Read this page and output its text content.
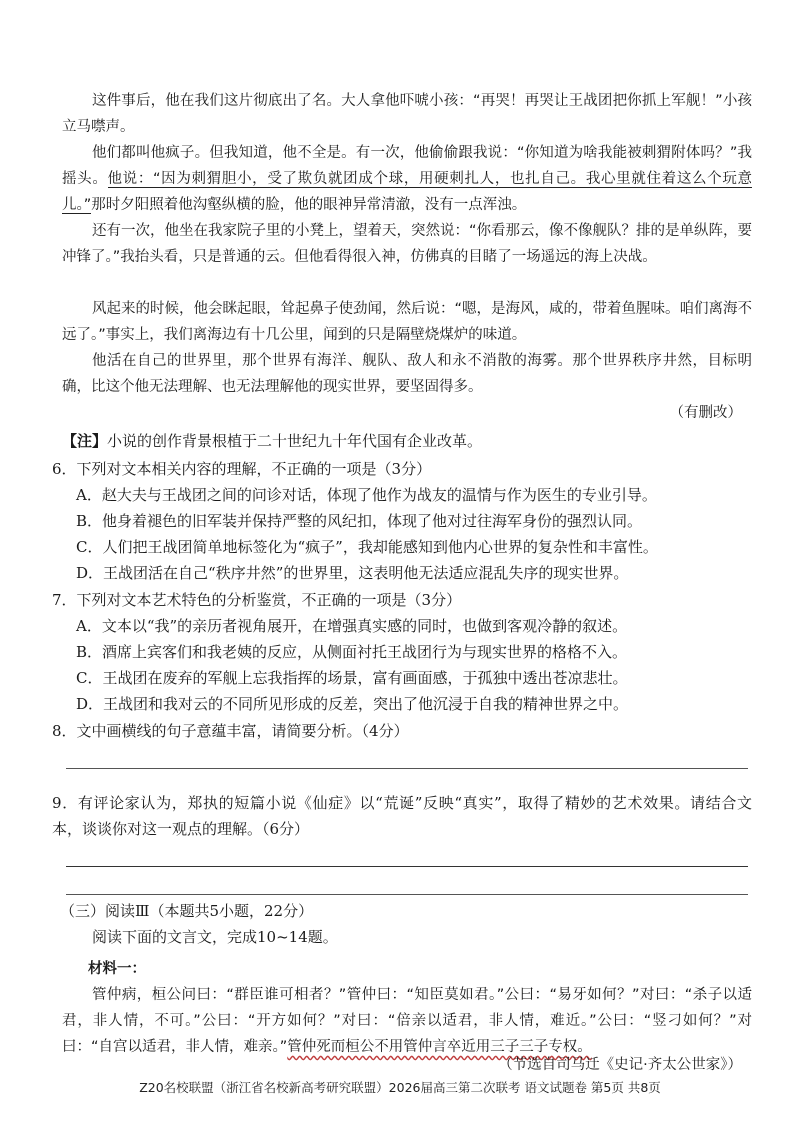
这件事后，他在我们这片彻底出了名。大人拿他吓唬小孩：“再哭！再哭让王战团把你抓上军舰！”小孩立马噤声。
他们都叫他疯子。但我知道，他不全是。有一次，他偷偷跟我说：“你知道为啥我能被刺猬附体吗？”我摇头。他说：“因为刺猬胆小，受了欺负就团成个球，用硬刺扎人，也扎自己。我心里就住着这么个玩意儿。”那时夕阳照着他沟壑纵横的脸，他的眼神异常清澈，没有一点浑浊。
还有一次，他坐在我家院子里的小凳上，望着天，突然说：“你看那云，像不像舰队？排的是单纵阵，要冲锋了。”我抬头看，只是普通的云。但他看得很入神，仿佛真的目睹了一场遥远的海上决战。
风起来的时候，他会眯起眼，耸起鼻子使劲闻，然后说：“嗯，是海风，咸的，带着鱼腥味。咱们离海不远了。”事实上，我们离海边有十几公里，闻到的只是隔壁烧煤炉的味道。
他活在自己的世界里，那个世界有海洋、舰队、敌人和永不消散的海雾。那个世界秩序井然，目标明确，比这个他无法理解、也无法理解他的现实世界，要坚固得多。
（有删改）
【注】小说的创作背景根植于二十世纪九十年代国有企业改革。
6．下列对文本相关内容的理解，不正确的一项是（3分）
A．赵大夫与王战团之间的问诊对话，体现了他作为战友的温情与作为医生的专业引导。
B．他身着褪色的旧军装并保持严整的风纪扣，体现了他对过往海军身份的强烈认同。
C．人们把王战团简单地标签化为“疯子”，我却能感知到他内心世界的复杂性和丰富性。
D．王战团活在自己“秩序井然”的世界里，这表明他无法适应混乱失序的现实世界。
7．下列对文本艺术特色的分析鉴赏，不正确的一项是（3分）
A．文本以“我”的亲历者视角展开，在增强真实感的同时，也做到客观冷静的叙述。
B．酒席上宾客们和我老姨的反应，从侧面衬托王战团行为与现实世界的格格不入。
C．王战团在废弃的军舰上忘我指挥的场景，富有画面感，于孤独中透出苍凉悲壮。
D．王战团和我对云的不同所见形成的反差，突出了他沉浸于自我的精神世界之中。
8．文中画横线的句子意蕴丰富，请简要分析。（4分）
9．有评论家认为，郑执的短篇小说《仙症》以“荒诞”反映“真实”，取得了精妙的艺术效果。请结合文本，谈谈你对这一观点的理解。（6分）
（三）阅读Ⅲ（本题共5小题，22分）
阅读下面的文言文，完成10~14题。
材料一：
管仲病，桓公问曰：“群臣谁可相者？”管仲曰：“知臣莫如君。”公曰：“易牙如何？”对曰：“杀子以适君，非人情，不可。”公曰：“开方如何？”对曰：“倍亲以适君，非人情，难近。”公曰：“竖刁如何？”对曰：“自宫以适君，非人情，难亲。”管仲死而桓公不用管仲言卒近用三子三子专权。
（节选自司马迁《史记·齐太公世家》）
Z20名校联盟（浙江省名校新高考研究联盟）2026届高三第二次联考 语文试题卷 第5页 共8页
